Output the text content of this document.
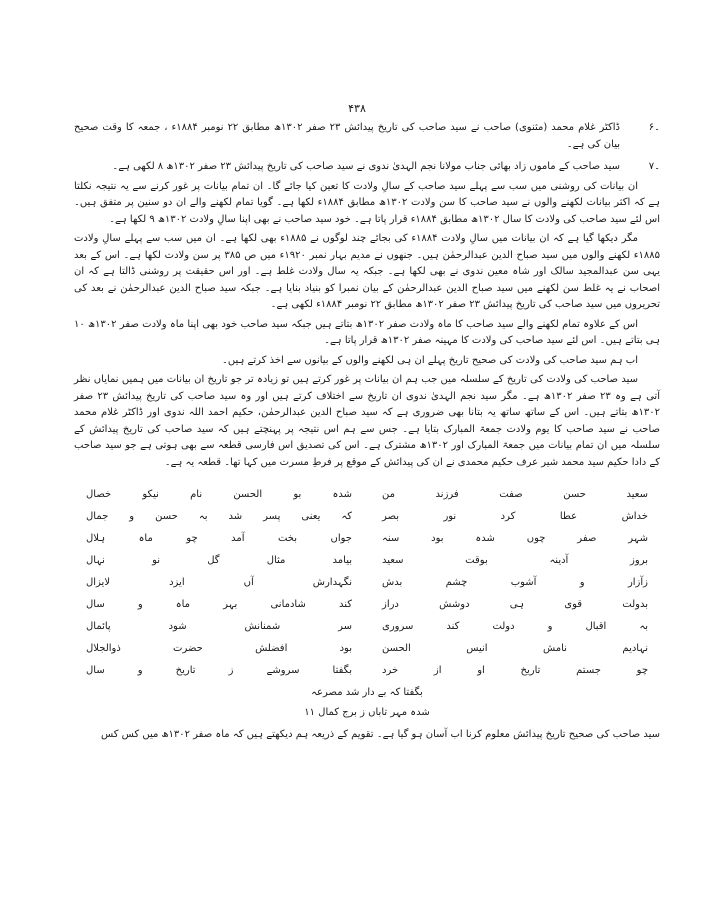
۴۳۸
۶۔
ڈاکٹر غلام محمد (مثنوی) صاحب نے سید صاحب کی تاریخ پیدائش ۲۳ صفر ۱۳۰۲ھ مطابق ۲۲ نومبر ۱۸۸۴ء ، جمعہ کا وقت صحیح بیان کی ہے۔
۷۔
سید صاحب کے ماموں زاد بھائی جناب مولانا نجم الہدیٰ ندوی نے سید صاحب کی تاریخ پیدائش ۲۳ صفر ۱۳۰۲ھ ۸ لکھی ہے۔

ان بیانات کی روشنی میں سب سے پہلے سید صاحب کے سالِ ولادت کا تعین کیا جائے گا۔ ان تمام بیانات پر غور کرنے سے یہ نتیجہ نکلتا ہے کہ اکثر بیانات لکھنے والوں نے سید صاحب کا سن ولادت ۱۳۰۲ھ مطابق ۱۸۸۴ء لکھا ہے۔ گویا تمام لکھنے والے ان دو سنین پر متفق ہیں۔ اس لئے سید صاحب کی ولادت کا سال ۱۳۰۲ھ مطابق ۱۸۸۴ء قرار پاتا ہے۔ خود سید صاحب نے بھی اپنا سالِ ولادت ۱۳۰۲ھ ۹ لکھا ہے۔

مگر دیکھا گیا ہے کہ ان بیانات میں سالِ ولادت ۱۸۸۴ء کی بجائے چند لوگوں نے ۱۸۸۵ء بھی لکھا ہے۔ ان میں سب سے پہلے سالِ ولادت ۱۸۸۵ء لکھنے والوں میں سید صباح الدین عبدالرحمٰن ہیں۔ جنھوں نے مدیم بہار نمبر ۱۹۲۰ء میں ص ۳۸۵ پر سن ولادت لکھا ہے۔ اس کے بعد یہی سن عبدالمجید سالک اور شاہ معین ندوی نے بھی لکھا ہے۔ جبکہ یہ سال ولادت غلط ہے۔ اور اس حقیقت پر روشنی ڈالتا ہے کہ ان اصحاب نے یہ غلط سن لکھنے میں سید صباح الدین عبدالرحمٰن کے بیان نمبرا کو بنیاد بنایا ہے۔ جبکہ سید صباح الدین عبدالرحمٰن نے بعد کی تحریروں میں سید صاحب کی تاریخ پیدائش ۲۳ صفر ۱۳۰۲ھ مطابق ۲۲ نومبر ۱۸۸۴ء لکھی ہے۔

اس کے علاوہ تمام لکھنے والے سید صاحب کا ماہ ولادت صفر ۱۳۰۲ھ بتاتے ہیں جبکہ سید صاحب خود بھی اپنا ماہ ولادت صفر ۱۳۰۲ھ ۱۰ ہی بتاتے ہیں۔ اس لئے سید صاحب کی ولادت کا مہینہ صفر ۱۳۰۲ھ قرار پاتا ہے۔

اب ہم سید صاحب کی ولادت کی صحیح تاریخ پہلے ان ہی لکھنے والوں کے بیانوں سے اخذ کرتے ہیں۔

سید صاحب کی ولادت کی تاریخ کے سلسلہ میں جب ہم ان بیانات پر غور کرتے ہیں تو زیادہ تر جو تاریخ ان بیانات میں ہمیں نمایاں نظر آتی ہے وہ ۲۳ صفر ۱۳۰۲ھ ہے۔ مگر سید نجم الہدیٰ ندوی ان تاریخ سے اختلاف کرتے ہیں اور وہ سید صاحب کی تاریخ پیدائش ۲۳ صفر ۱۳۰۲ھ بتاتے ہیں۔ اس کے ساتھ ساتھ یہ بتانا بھی ضروری ہے کہ سید صباح الدین عبدالرحمٰن، حکیم احمد اللہ ندوی اور ڈاکٹر غلام محمد صاحب نے سید صاحب کا یوم ولادت جمعۃ المبارک بتایا ہے۔ جس سے ہم اس نتیجہ پر پہنچتے ہیں کہ سید صاحب کی تاریخ پیدائش کے سلسلہ میں ان تمام بیانات میں جمعۃ المبارک اور ۱۳۰۲ھ مشترک ہے۔ اس کی تصدیق اس فارسی قطعہ سے بھی ہوتی ہے جو سید صاحب کے دادا حکیم سید محمد شیر عرف حکیم محمدی نے ان کی پیدائش کے موقع پر فرطِ مسرت میں کہا تھا۔ قطعہ یہ ہے۔

سعید حسن صفت فرزند من
شدہ بو الحسن نام نیکو خصال
خداش عطا کرد نور بصر
کہ یعنی پسر شد بہ حسن و جمال
شہر صفر چوں شدہ بود سنہ
جواں بخت آمد چو ماہ ہلال
بروز آدینہ بوقت سعید
بیامد مثال گل نو نہال
زآزار و آشوب چشم بدش
نگہدارش آں ایزد لایزال
بدولت قوی ہی دوشش دراز
کند شادمانی بہر ماہ و سال
بہ اقبال و دولت کند سروری
سر شمنانش شود پائمال
نہادیم نامش انیس الحسن
بود افضلش حضرت ذوالجلال
چو جستم تاریخ او از خرد
بگفتا سروشے ز تاریخ و سال
بگفتا کہ بے دار شد مصرعہ
شدہ مہر تاباں ز برج کمال ۱۱

سید صاحب کی صحیح تاریخ پیدائش معلوم کرنا اب آسان ہو گیا ہے۔ تقویم کے ذریعہ ہم دیکھتے ہیں کہ ماہ صفر ۱۳۰۲ھ میں کس کس
